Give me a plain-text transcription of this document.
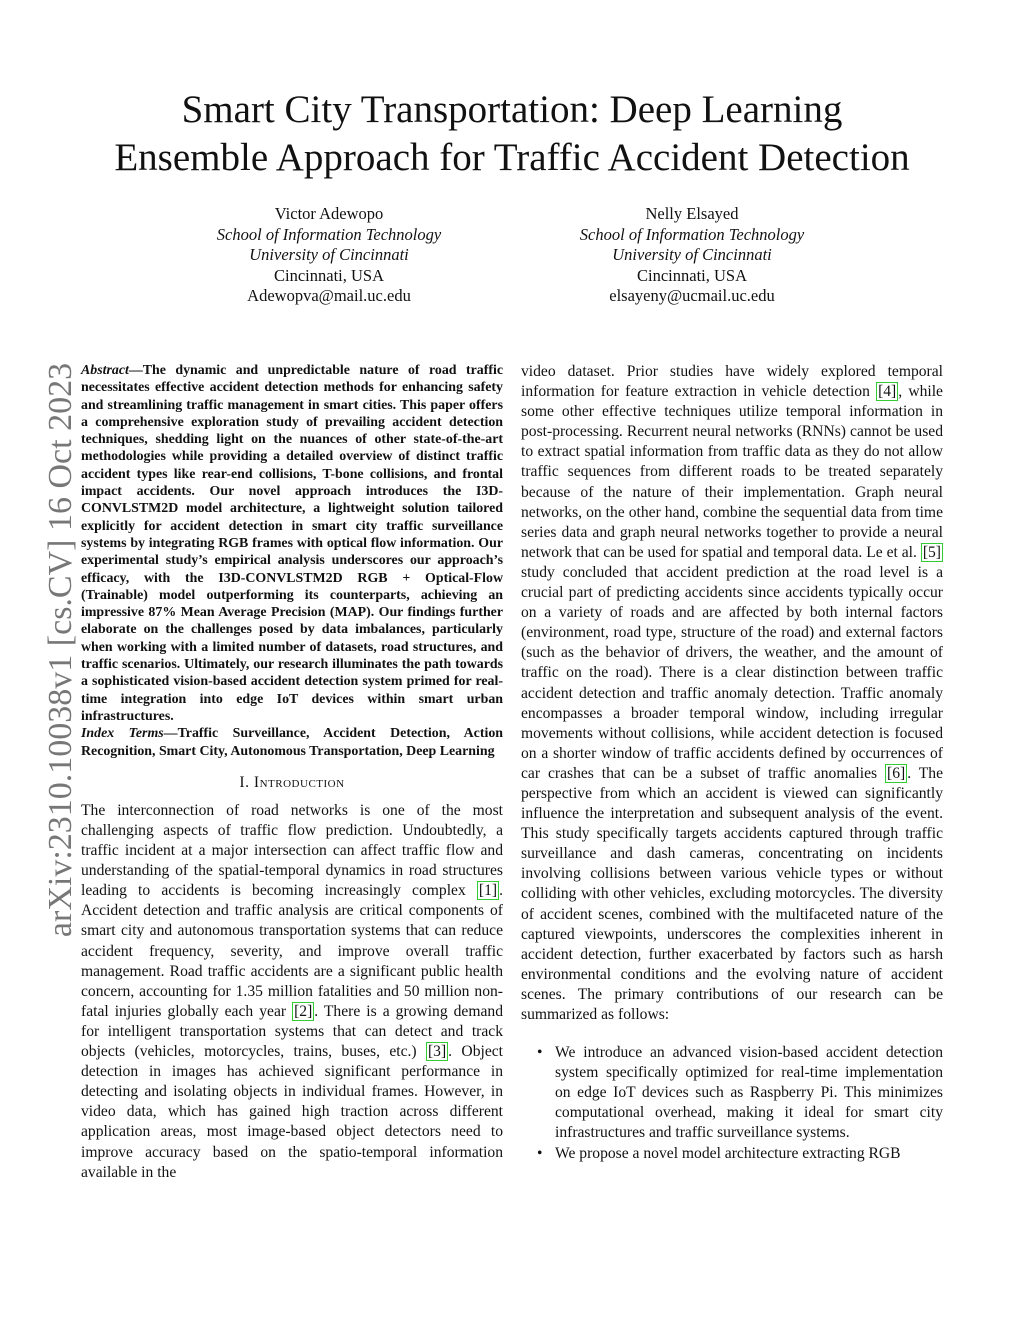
Smart City Transportation: Deep Learning
Ensemble Approach for Traffic Accident Detection
Victor Adewopo
School of Information Technology
University of Cincinnati
Cincinnati, USA
Adewopva@mail.uc.edu
Nelly Elsayed
School of Information Technology
University of Cincinnati
Cincinnati, USA
elsayeny@ucmail.uc.edu
arXiv:2310.10038v1 [cs.CV] 16 Oct 2023 Abstract—The dynamic and unpredictable nature of road traffic necessitates effective accident detection methods for enhancing safety and streamlining traffic management in smart cities. This paper offers a comprehensive exploration study of prevailing accident detection techniques, shedding light on the nuances of other state-of-the-art methodologies while providing a detailed overview of distinct traffic accident types like rear-end collisions, T-bone collisions, and frontal impact accidents. Our novel approach introduces the I3D-CONVLSTM2D model architecture, a lightweight solution tailored explicitly for accident detection in smart city traffic surveillance systems by integrating RGB frames with optical flow information. Our experimental study’s empirical analysis underscores our approach’s efficacy, with the I3D-CONVLSTM2D RGB + Optical-Flow (Trainable) model outperforming its counterparts, achieving an impressive 87% Mean Average Precision (MAP). Our findings further elaborate on the challenges posed by data imbalances, particularly when working with a limited number of datasets, road structures, and traffic scenarios. Ultimately, our research illuminates the path towards a sophisticated vision-based accident detection system primed for real-time integration into edge IoT devices within smart urban infrastructures.

Index Terms—Traffic Surveillance, Accident Detection, Action Recognition, Smart City, Autonomous Transportation, Deep Learning

I. Introduction

The interconnection of road networks is one of the most challenging aspects of traffic flow prediction. Undoubtedly, a traffic incident at a major intersection can affect traffic flow and understanding of the spatial-temporal dynamics in road structures leading to accidents is becoming increasingly complex [1] . Accident detection and traffic analysis are critical components of smart city and autonomous transportation systems that can reduce accident frequency, severity, and improve overall traffic management. Road traffic accidents are a significant public health concern, accounting for 1.35 million fatalities and 50 million non-fatal injuries globally each year [2] . There is a growing demand for intelligent transportation systems that can detect and track objects (vehicles, motorcycles, trains, buses, etc.) [3] . Object detection in images has achieved significant performance in detecting and isolating objects in individual frames. However, in video data, which has gained high traction across different application areas, most image-based object detectors need to improve accuracy based on the spatio-temporal information available in the

video dataset. Prior studies have widely explored temporal information for feature extraction in vehicle detection [4] , while some other effective techniques utilize temporal information in post-processing. Recurrent neural networks (RNNs) cannot be used to extract spatial information from traffic data as they do not allow traffic sequences from different roads to be treated separately because of the nature of their implementation. Graph neural networks, on the other hand, combine the sequential data from time series data and graph neural networks together to provide a neural network that can be used for spatial and temporal data. Le et al. [5] study concluded that accident prediction at the road level is a crucial part of predicting accidents since accidents typically occur on a variety of roads and are affected by both internal factors (environment, road type, structure of the road) and external factors (such as the behavior of drivers, the weather, and the amount of traffic on the road). There is a clear distinction between traffic accident detection and traffic anomaly detection. Traffic anomaly encompasses a broader temporal window, including irregular movements without collisions, while accident detection is focused on a shorter window of traffic accidents defined by occurrences of car crashes that can be a subset of traffic anomalies [6] . The perspective from which an accident is viewed can significantly influence the interpretation and subsequent analysis of the event. This study specifically targets accidents captured through traffic surveillance and dash cameras, concentrating on incidents involving collisions between various vehicle types or without colliding with other vehicles, excluding motorcycles. The diversity of accident scenes, combined with the multifaceted nature of the captured viewpoints, underscores the complexities inherent in accident detection, further exacerbated by factors such as harsh environmental conditions and the evolving nature of accident scenes. The primary contributions of our research can be summarized as follows:

• We introduce an advanced vision-based accident detection system specifically optimized for real-time implementation on edge IoT devices such as Raspberry Pi. This minimizes computational overhead, making it ideal for smart city infrastructures and traffic surveillance systems.
• We propose a novel model architecture extracting RGB
